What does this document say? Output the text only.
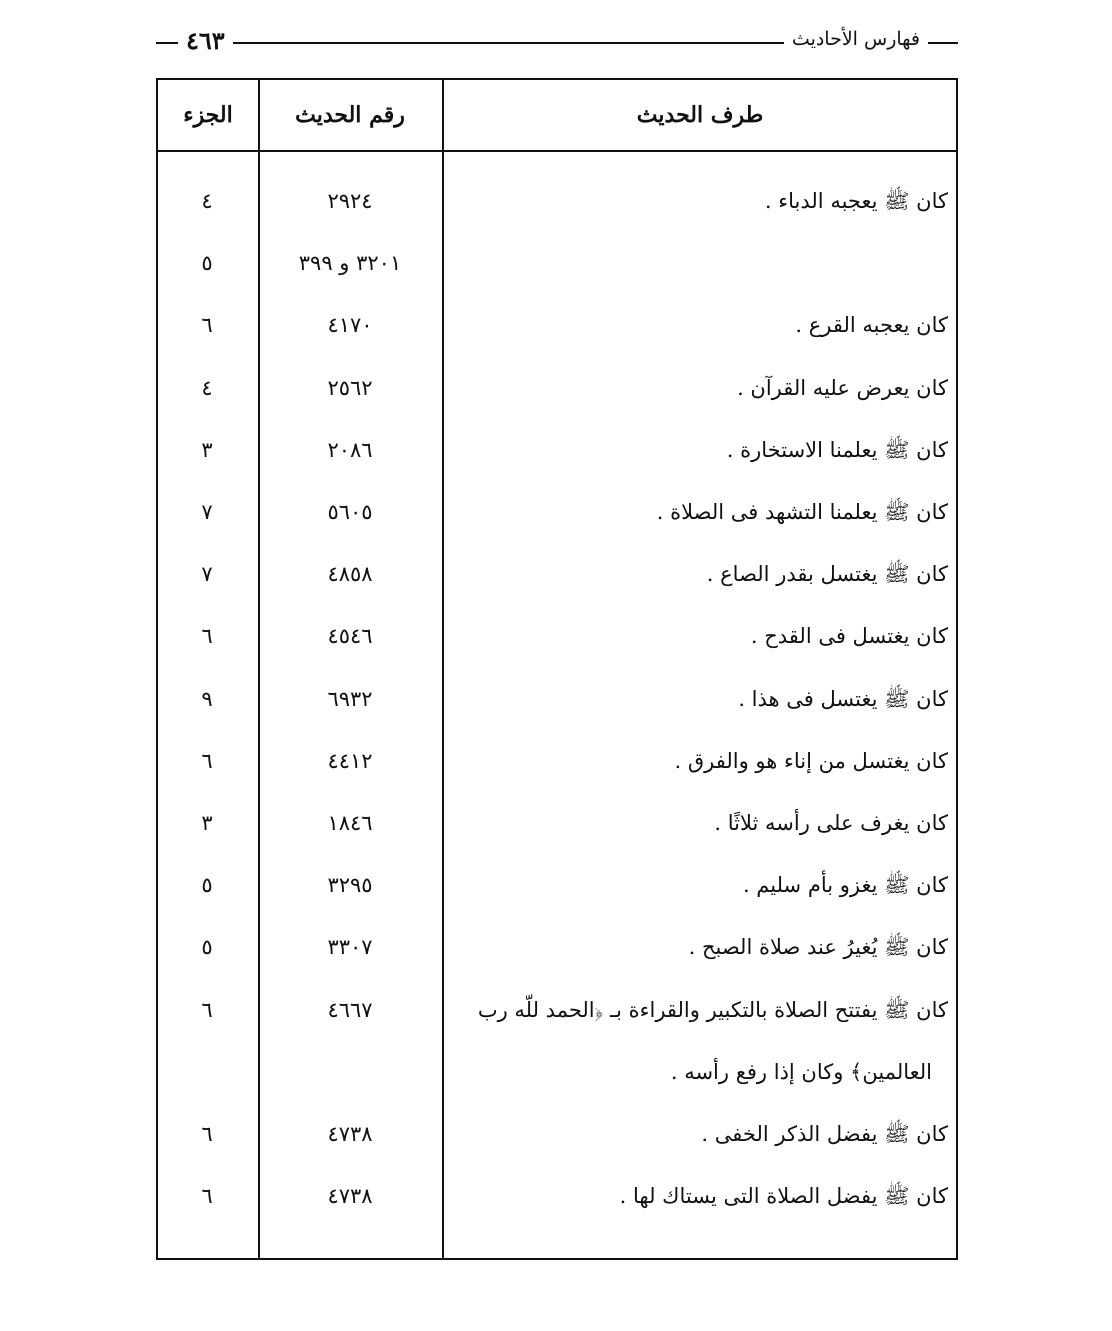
فهارس الأحاديث
٤٦٣
طرف الحديث
رقم الحديث
الجزء
كان ﷺ يعجبه الدباء .
٢٩٢٤
٤
٣٢٠١ و ٣٩٩
٥
كان يعجبه القرع .
٤١٧٠
٦
كان يعرض عليه القرآن .
٢٥٦٢
٤
كان ﷺ يعلمنا الاستخارة .
٢٠٨٦
٣
كان ﷺ يعلمنا التشهد فى الصلاة .
٥٦٠٥
٧
كان ﷺ يغتسل بقدر الصاع .
٤٨٥٨
٧
كان يغتسل فى القدح .
٤٥٤٦
٦
كان ﷺ يغتسل فى هذا .
٦٩٣٢
٩
كان يغتسل من إناء هو والفرق .
٤٤١٢
٦
كان يغرف على رأسه ثلاثًا .
١٨٤٦
٣
كان ﷺ يغزو بأم سليم .
٣٢٩٥
٥
كان ﷺ يُغيرُ عند صلاة الصبح .
٣٣٠٧
٥
كان ﷺ يفتتح الصلاة بالتكبير والقراءة بـ ﴿الحمد للّه رب
٤٦٦٧
٦
العالمين﴾ وكان إذا رفع رأسه .
كان ﷺ يفضل الذكر الخفى .
٤٧٣٨
٦
كان ﷺ يفضل الصلاة التى يستاك لها .
٤٧٣٨
٦
